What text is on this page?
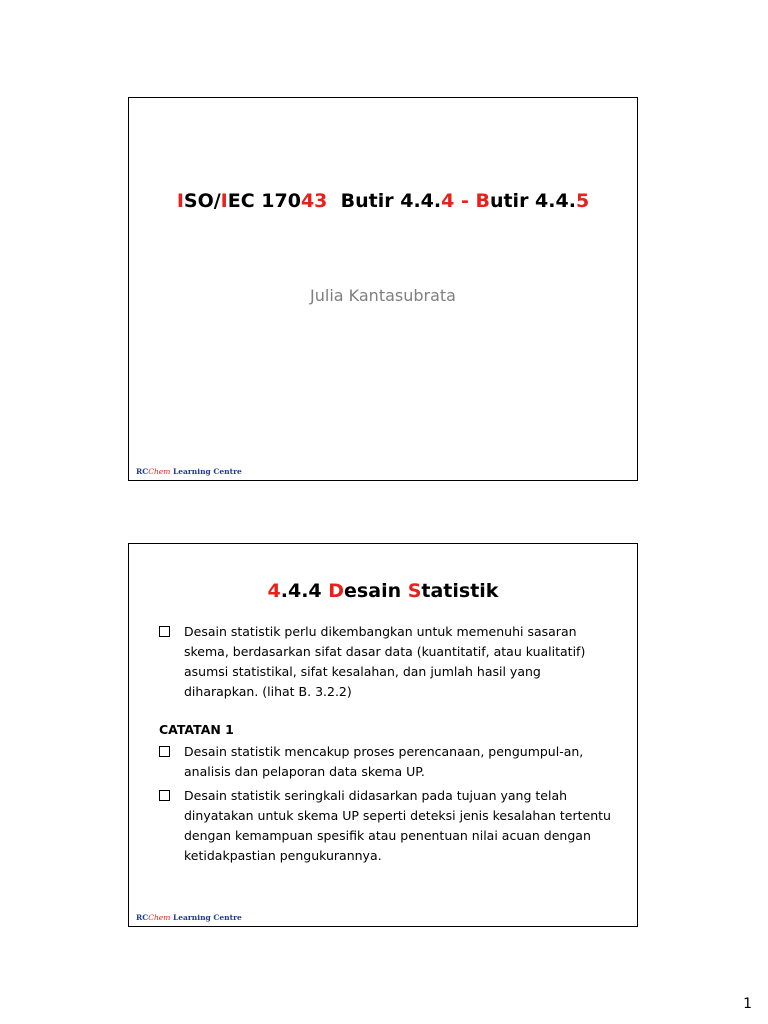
ISO/IEC 17043  Butir 4.4.4 - Butir 4.4.5
Julia Kantasubrata
RCChem Learning Centre
4.4.4 Desain Statistik
Desain statistik perlu dikembangkan untuk memenuhi sasaran skema, berdasarkan sifat dasar data (kuantitatif, atau kualitatif) asumsi statistikal, sifat kesalahan, dan jumlah hasil yang diharapkan. (lihat B. 3.2.2)
CATATAN 1
Desain statistik mencakup proses perencanaan, pengumpul-an, analisis dan pelaporan data skema UP.
Desain statistik seringkali didasarkan pada tujuan yang telah dinyatakan untuk skema UP seperti deteksi jenis kesalahan tertentu dengan kemampuan spesifik atau penentuan nilai acuan dengan ketidakpastian pengukurannya.
RCChem Learning Centre
1
